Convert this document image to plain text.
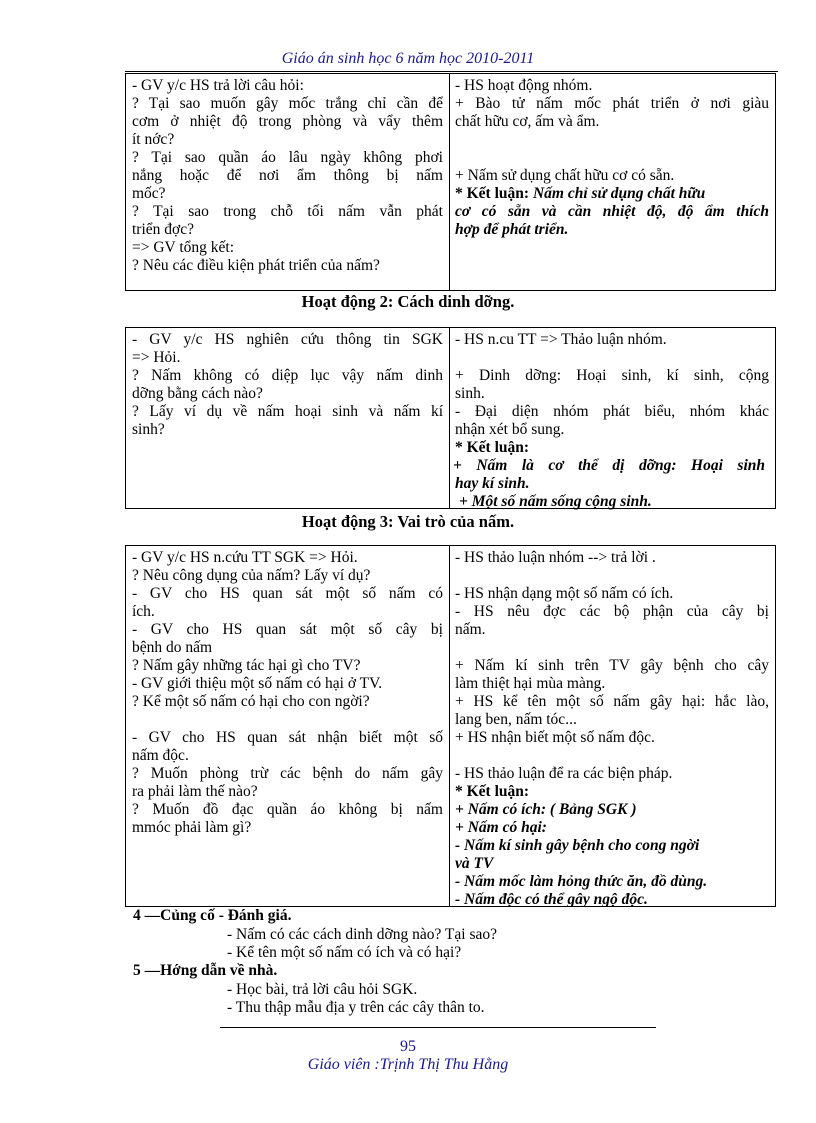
Giáo án sinh học 6 năm học 2010-2011
- GV y/c HS trả lời câu hỏi:
? Tại sao muốn gây mốc trắng chỉ cần để
cơm ở nhiệt độ trong phòng và vẩy thêm
ít nớc?
? Tại sao quần áo lâu ngày không phơi
nắng hoặc để nơi ẩm thông bị nấm
mốc?
? Tại sao trong chỗ tối nấm vẫn phát
triển đợc?
=> GV tổng kết:
? Nêu các điều kiện phát triển của nấm?
- HS hoạt động nhóm.
+ Bào tử nấm mốc phát triển ở nơi giàu
chất hữu cơ, ấm và ẩm.
+ Nấm sử dụng chất hữu cơ có sẵn.
* Kết luận: Nấm chỉ sử dụng chất hữu
cơ có sẵn và cần nhiệt độ, độ ẩm thích
hợp để phát triển.
Hoạt động 2: Cách dinh dỡng.
- GV y/c HS nghiên cứu thông tin SGK
=> Hỏi.
? Nấm không có diệp lục vậy nấm dinh
dỡng bằng cách nào?
? Lấy ví dụ về nấm hoại sinh và nấm kí
sinh?
- HS n.cu TT => Thảo luận nhóm.
+ Dinh dỡng: Hoại sinh, kí sinh, cộng
sinh.
- Đại diện nhóm phát biểu, nhóm khác
nhận xét bổ sung.
* Kết luận:
+ Nấm là cơ thể dị dỡng: Hoại sinh
hay kí sinh.
+ Một số nấm sống cộng sinh.
Hoạt động 3: Vai trò của nấm.
- GV y/c HS n.cứu TT SGK => Hỏi.
? Nêu công dụng của nấm? Lấy ví dụ?
- GV cho HS quan sát một số nấm có
ích.
- GV cho HS quan sát một số cây bị
bệnh do nấm
? Nấm gây những tác hại gì cho TV?
- GV giới thiệu một số nấm có hại ở TV.
? Kể một số nấm có hại cho con ngời?
- GV cho HS quan sát nhận biết một số
nấm độc.
? Muốn phòng trừ các bệnh do nấm gây
ra phải làm thế nào?
? Muốn đồ đạc quần áo không bị nấm
mmóc phải làm gì?
- HS thảo luận nhóm --> trả lời .
- HS nhận dạng một số nấm có ích.
- HS nêu đợc các bộ phận của cây bị
nấm.
+ Nấm kí sinh trên TV gây bệnh cho cây
làm thiệt hại mùa màng.
+ HS kể tên một số nấm gây hại: hắc lào,
lang ben, nấm tóc...
+ HS nhận biết một số nấm độc.
- HS thảo luận để ra các biện pháp.
* Kết luận:
+ Nấm có ích: ( Bảng SGK )
+ Nấm có hại:
- Nấm kí sinh gây bệnh cho cong ngời
và TV
- Nấm mốc làm hỏng thức ăn, đồ dùng.
- Nấm độc có thể gây ngộ độc.
4 —Củng cố - Đánh giá.
- Nấm có các cách dinh dỡng nào? Tại sao?
- Kể tên một số nấm có ích và có hại?
5 —Hớng dẫn về nhà.
- Học bài, trả lời câu hỏi SGK.
- Thu thập mẫu địa y trên các cây thân to.
95
Giáo viên :Trịnh Thị Thu Hằng
